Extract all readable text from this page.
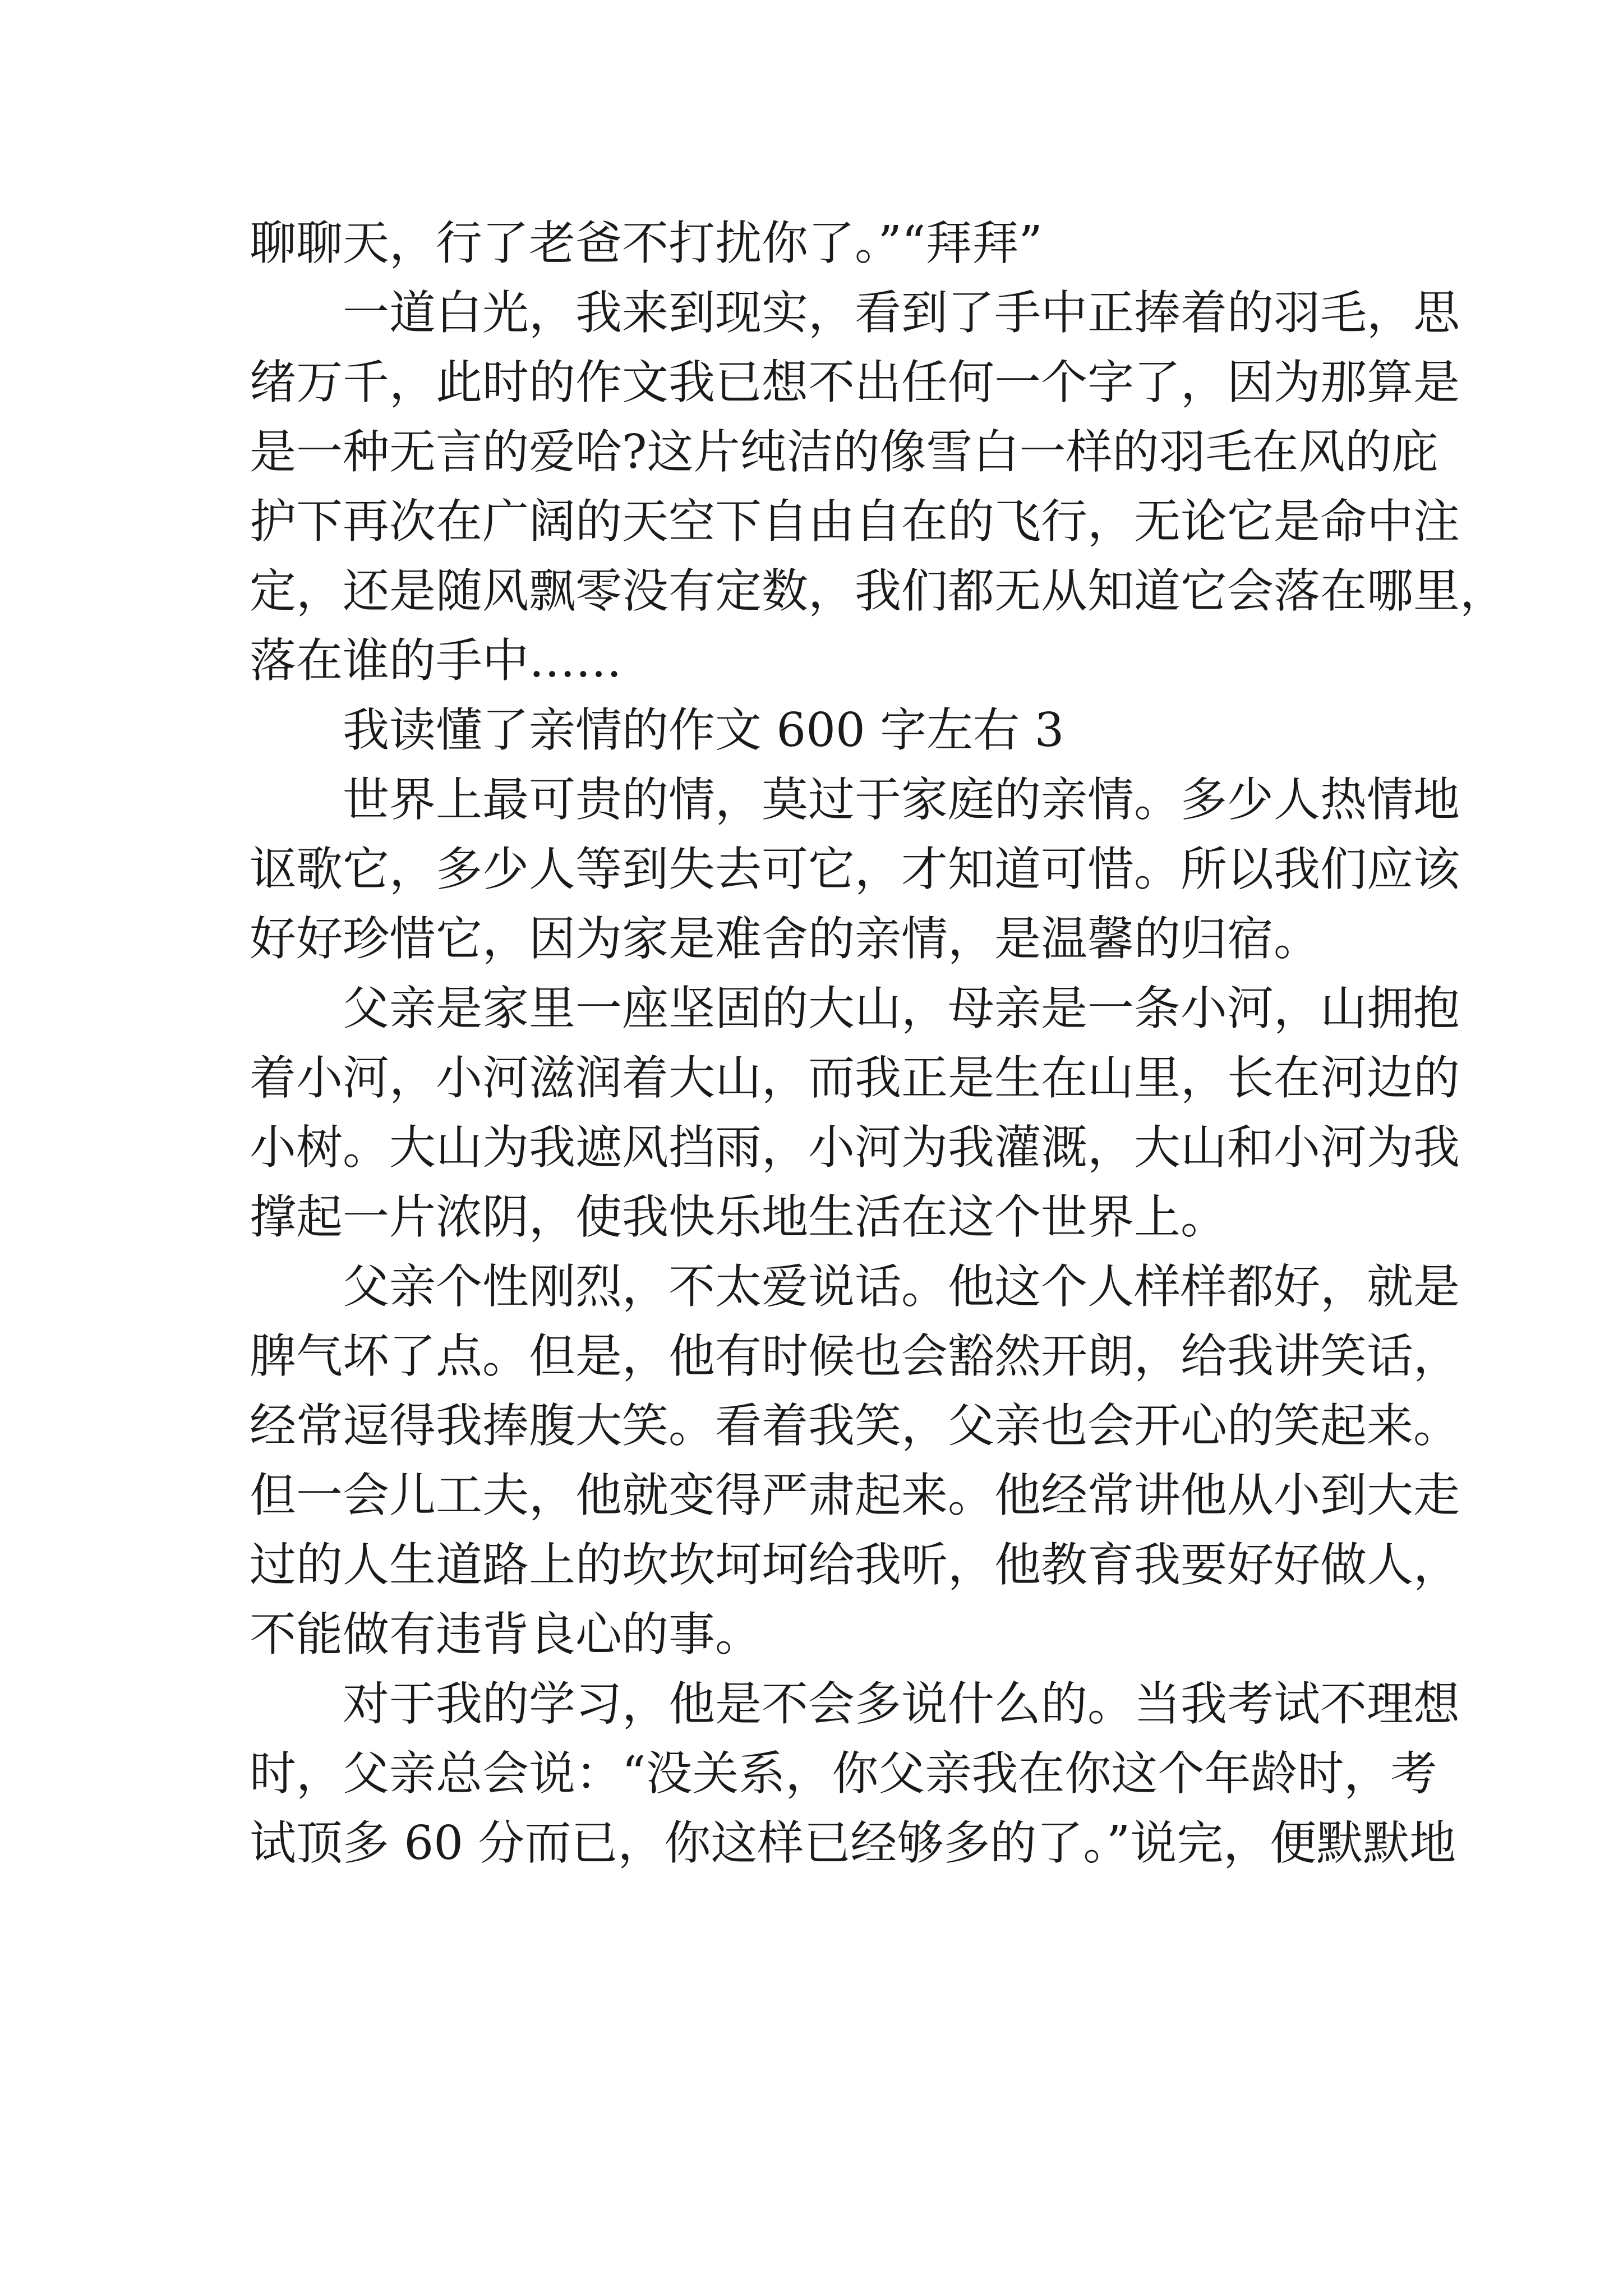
聊聊天，行了老爸不打扰你了。”“拜拜”

一道白光，我来到现实，看到了手中正捧着的羽毛，思
绪万千，此时的作文我已想不出任何一个字了，因为那算是
是一种无言的爱哈?这片纯洁的像雪白一样的羽毛在风的庇
护下再次在广阔的天空下自由自在的飞行，无论它是命中注
定，还是随风飘零没有定数，我们都无从知道它会落在哪里，
落在谁的手中……

我读懂了亲情的作文 600 字左右 3

世界上最可贵的情，莫过于家庭的亲情。多少人热情地
讴歌它，多少人等到失去可它，才知道可惜。所以我们应该
好好珍惜它，因为家是难舍的亲情，是温馨的归宿。

父亲是家里一座坚固的大山，母亲是一条小河，山拥抱
着小河，小河滋润着大山，而我正是生在山里，长在河边的
小树。大山为我遮风挡雨，小河为我灌溉，大山和小河为我
撑起一片浓阴，使我快乐地生活在这个世界上。

父亲个性刚烈，不太爱说话。他这个人样样都好，就是
脾气坏了点。但是，他有时候也会豁然开朗，给我讲笑话，
经常逗得我捧腹大笑。看着我笑，父亲也会开心的笑起来。
但一会儿工夫，他就变得严肃起来。他经常讲他从小到大走
过的人生道路上的坎坎坷坷给我听，他教育我要好好做人，
不能做有违背良心的事。

对于我的学习，他是不会多说什么的。当我考试不理想
时，父亲总会说：“没关系，你父亲我在你这个年龄时，考
试顶多 60 分而已，你这样已经够多的了。”说完，便默默地
